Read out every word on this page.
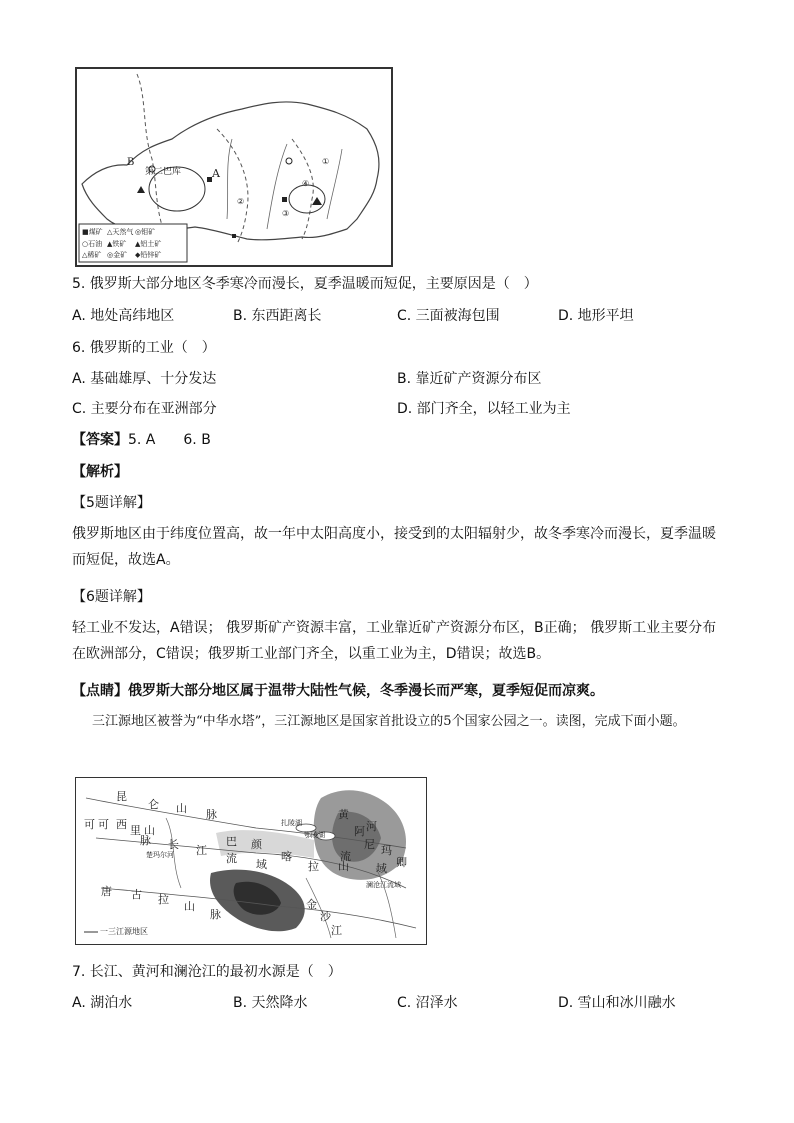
A
B
第二巴库
①
②
③
④
■煤矿 △天然气
○石油 ▲铁矿
◎钼矿
▲铝土矿
△稀矿 ◎金矿 ◆铅锌矿
5. 俄罗斯大部分地区冬季寒冷而漫长，夏季温暖而短促，主要原因是（　）
A. 地处高纬地区	B. 东西距离长	C. 三面被海包围	D. 地形平坦
6. 俄罗斯的工业（　）
A. 基础雄厚、十分发达	B. 靠近矿产资源分布区
C. 主要分布在亚洲部分	D. 部门齐全，以轻工业为主
【答案】5. A　　6. B
【解析】
【5题详解】
俄罗斯地区由于纬度位置高，故一年中太阳高度小，接受到的太阳辐射少，故冬季寒冷而漫长，夏季温暖而短促，故选A。
【6题详解】
轻工业不发达，A错误； 俄罗斯矿产资源丰富，工业靠近矿产资源分布区，B正确； 俄罗斯工业主要分布在欧洲部分，C错误；俄罗斯工业部门齐全，以重工业为主，D错误；故选B。
【点睛】俄罗斯大部分地区属于温带大陆性气候，冬季漫长而严寒，夏季短促而凉爽。
三江源地区被誉为“中华水塔”，三江源地区是国家首批设立的5个国家公园之一。读图，完成下面小题。
昆
仑 山 脉
可 可 西 里 山
脉 长 江
流 域
唐 古 拉
山
脉
巴 颜
喀
拉 山
黄
河
流
域
阿
尼 玛
卿
金
沙
江
扎陵湖
鄂陵湖
楚玛尔河
澜沧江流域
一三江源地区
7. 长江、黄河和澜沧江的最初水源是（　）
A. 湖泊水	B. 天然降水	C. 沼泽水	D. 雪山和冰川融水
